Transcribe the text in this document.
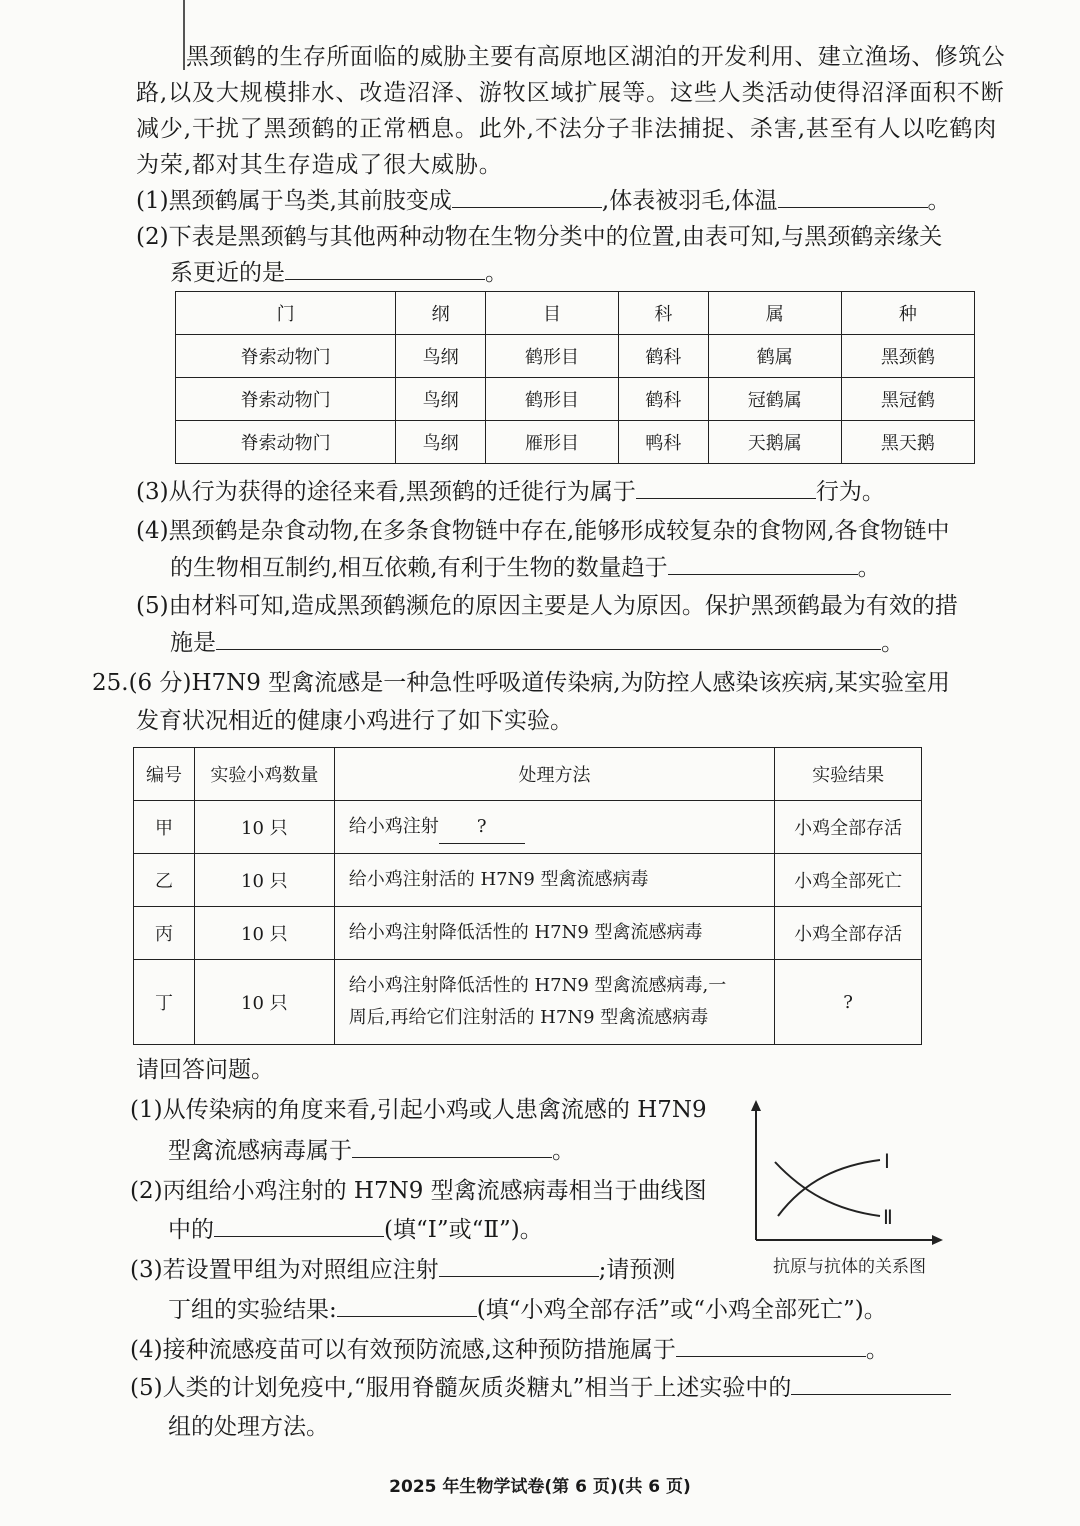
黑颈鹤的生存所面临的威胁主要有高原地区湖泊的开发利用、建立渔场、修筑公
路,以及大规模排水、改造沼泽、游牧区域扩展等。这些人类活动使得沼泽面积不断
减少,干扰了黑颈鹤的正常栖息。此外,不法分子非法捕捉、杀害,甚至有人以吃鹤肉
为荣,都对其生存造成了很大威胁。
(1)黑颈鹤属于鸟类,其前肢变成	,体表被羽毛,体温	。
(2)下表是黑颈鹤与其他两种动物在生物分类中的位置,由表可知,与黑颈鹤亲缘关
系更近的是	。
门	纲	目	科	属	种
脊索动物门	鸟纲	鹤形目	鹤科	鹤属	黑颈鹤
脊索动物门	鸟纲	鹤形目	鹤科	冠鹤属	黑冠鹤
脊索动物门	鸟纲	雁形目	鸭科	天鹅属	黑天鹅
(3)从行为获得的途径来看,黑颈鹤的迁徙行为属于	行为。
(4)黑颈鹤是杂食动物,在多条食物链中存在,能够形成较复杂的食物网,各食物链中
的生物相互制约,相互依赖,有利于生物的数量趋于	。
(5)由材料可知,造成黑颈鹤濒危的原因主要是人为原因。保护黑颈鹤最为有效的措
施是	。
25.(6 分)H7N9 型禽流感是一种急性呼吸道传染病,为防控人感染该疾病,某实验室用
发育状况相近的健康小鸡进行了如下实验。
编号	实验小鸡数量	处理方法	实验结果
甲	10 只	给小鸡注射 ?	小鸡全部存活
乙	10 只	给小鸡注射活的 H7N9 型禽流感病毒	小鸡全部死亡
丙	10 只	给小鸡注射降低活性的 H7N9 型禽流感病毒	小鸡全部存活
丁	10 只	给小鸡注射降低活性的 H7N9 型禽流感病毒,一
周后,再给它们注射活的 H7N9 型禽流感病毒	?
请回答问题。
(1)从传染病的角度来看,引起小鸡或人患禽流感的 H7N9
型禽流感病毒属于	。
(2)丙组给小鸡注射的 H7N9 型禽流感病毒相当于曲线图
中的	(填“Ⅰ”或“Ⅱ”)。
(3)若设置甲组为对照组应注射	;请预测
丁组的实验结果:	(填“小鸡全部存活”或“小鸡全部死亡”)。
(4)接种流感疫苗可以有效预防流感,这种预防措施属于	。
(5)人类的计划免疫中,“服用脊髓灰质炎糖丸”相当于上述实验中的
组的处理方法。
Ⅰ
Ⅱ
抗原与抗体的关系图
2025 年生物学试卷(第 6 页)(共 6 页)
